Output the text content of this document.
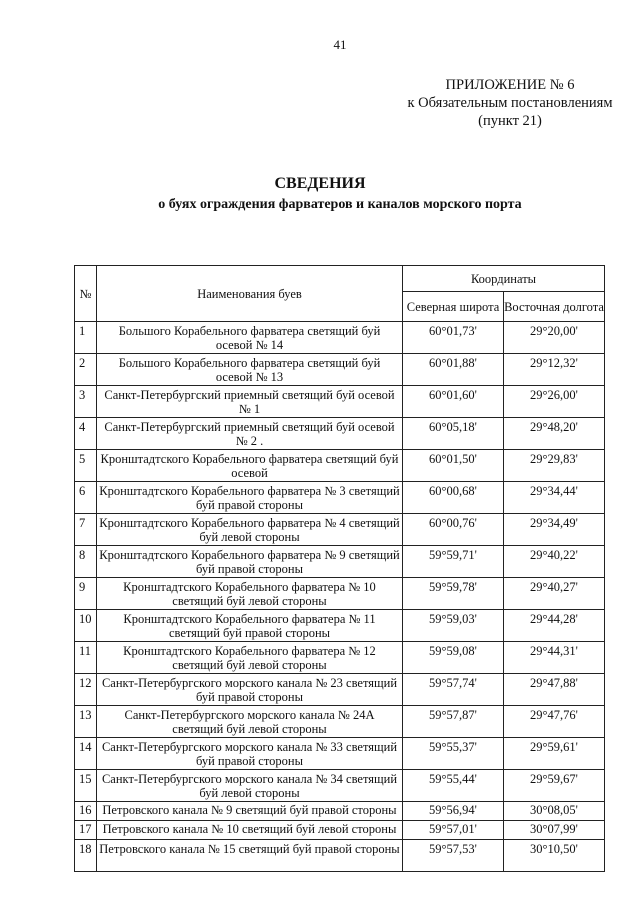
41
ПРИЛОЖЕНИЕ № 6
к Обязательным постановлениям
(пункт 21)
СВЕДЕНИЯ
о буях ограждения фарватеров и каналов морского порта
№	Наименования буев	Координаты	
		Северная широта	Восточная долгота
1	Большого Корабельного фарватера светящий буй осевой № 14	60°01,73'	29°20,00'
2	Большого Корабельного фарватера светящий буй осевой № 13	60°01,88'	29°12,32'
3	Санкт-Петербургский приемный светящий буй осевой № 1	60°01,60'	29°26,00'
4	Санкт-Петербургский приемный светящий буй осевой № 2 .	60°05,18'	29°48,20'
5	Кронштадтского Корабельного фарватера светящий буй осевой	60°01,50'	29°29,83'
6	Кронштадтского Корабельного фарватера № 3 светящий буй правой стороны	60°00,68'	29°34,44'
7	Кронштадтского Корабельного фарватера № 4 светящий буй левой стороны	60°00,76'	29°34,49'
8	Кронштадтского Корабельного фарватера № 9 светящий буй правой стороны	59°59,71'	29°40,22'
9	Кронштадтского Корабельного фарватера № 10 светящий буй левой стороны	59°59,78'	29°40,27'
10	Кронштадтского Корабельного фарватера № 11 светящий буй правой стороны	59°59,03'	29°44,28'
11	Кронштадтского Корабельного фарватера № 12 светящий буй левой стороны	59°59,08'	29°44,31'
12	Санкт-Петербургского морского канала № 23 светящий буй правой стороны	59°57,74'	29°47,88'
13	Санкт-Петербургского морского канала № 24А светящий буй левой стороны	59°57,87'	29°47,76'
14	Санкт-Петербургского морского канала № 33 светящий буй правой стороны	59°55,37'	29°59,61'
15	Санкт-Петербургского морского канала № 34 светящий буй левой стороны	59°55,44'	29°59,67'
16	Петровского канала № 9 светящий буй правой стороны	59°56,94'	30°08,05'
17	Петровского канала № 10 светящий буй левой стороны	59°57,01'	30°07,99'
18	Петровского канала № 15 светящий буй правой стороны	59°57,53'	30°10,50'
